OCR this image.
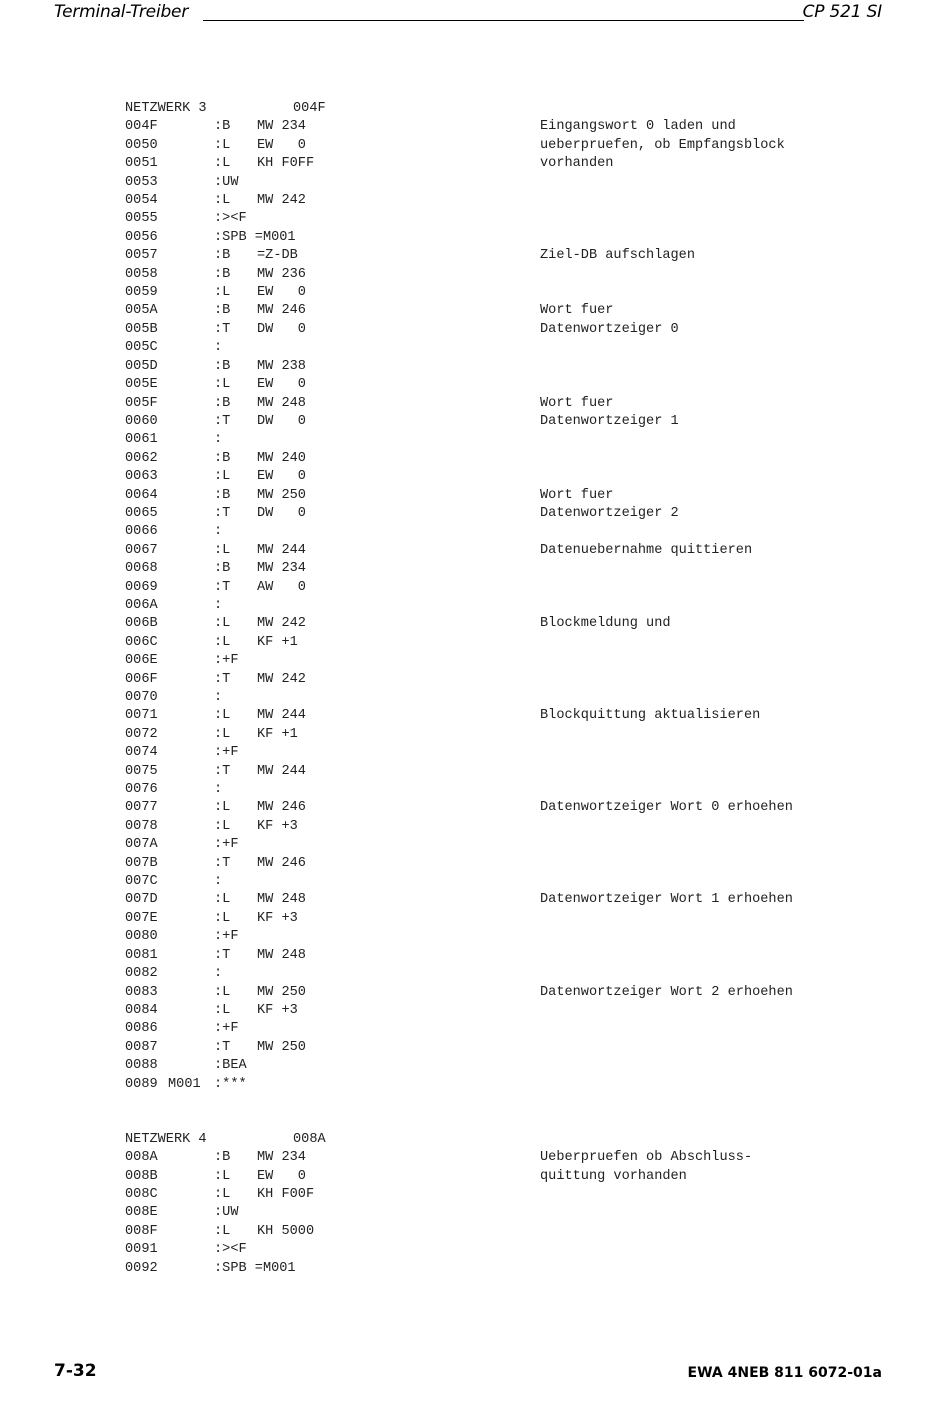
Terminal-Treiber	CP 521 SI
NETZWERK 3	004F
004F	:B MW 234	Eingangswort 0 laden und
0050	:L EW   0	ueberpruefen, ob Empfangsblock
0051	:L KH F0FF	vorhanden
0053	:UW
0054	:L MW 242
0055	:><F
0056	:SPB =M001
0057	:B =Z-DB	Ziel-DB aufschlagen
0058	:B MW 236
0059	:L EW   0
005A	:B MW 246	Wort fuer
005B	:T DW   0	Datenwortzeiger 0
005C	:
005D	:B MW 238
005E	:L EW   0
005F	:B MW 248	Wort fuer
0060	:T DW   0	Datenwortzeiger 1
0061	:
0062	:B MW 240
0063	:L EW   0
0064	:B MW 250	Wort fuer
0065	:T DW   0	Datenwortzeiger 2
0066	:
0067	:L MW 244	Datenuebernahme quittieren
0068	:B MW 234
0069	:T AW   0
006A	:
006B	:L MW 242	Blockmeldung und
006C	:L KF +1
006E	:+F
006F	:T MW 242
0070	:
0071	:L MW 244	Blockquittung aktualisieren
0072	:L KF +1
0074	:+F
0075	:T MW 244
0076	:
0077	:L MW 246	Datenwortzeiger Wort 0 erhoehen
0078	:L KF +3
007A	:+F
007B	:T MW 246
007C	:
007D	:L MW 248	Datenwortzeiger Wort 1 erhoehen
007E	:L KF +3
0080	:+F
0081	:T MW 248
0082	:
0083	:L MW 250	Datenwortzeiger Wort 2 erhoehen
0084	:L KF +3
0086	:+F
0087	:T MW 250
0088	:BEA
0089 M001 :***
NETZWERK 4	008A
008A	:B MW 234	Ueberpruefen ob Abschluss-
008B	:L EW   0	quittung vorhanden
008C	:L KH F00F
008E	:UW
008F	:L KH 5000
0091	:><F
0092	:SPB =M001
7-32	EWA 4NEB 811 6072-01a
